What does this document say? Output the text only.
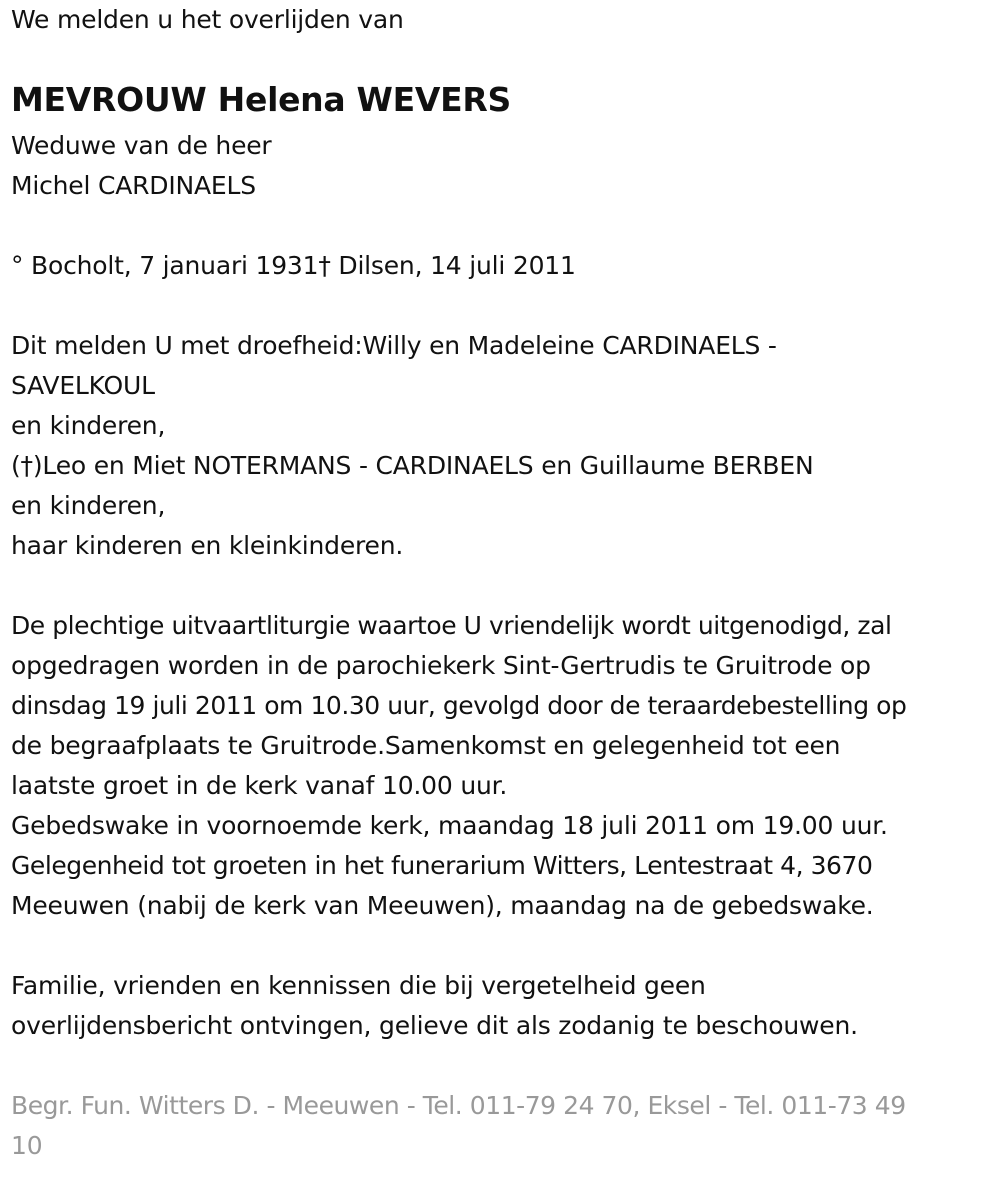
We melden u het overlijden van
MEVROUW Helena WEVERS
Weduwe van de heer
Michel CARDINAELS
° Bocholt, 7 januari 1931† Dilsen, 14 juli 2011
Dit melden U met droefheid:Willy en Madeleine CARDINAELS -
SAVELKOUL
en kinderen,
(†)Leo en Miet NOTERMANS - CARDINAELS en Guillaume BERBEN
en kinderen,
haar kinderen en kleinkinderen.
De plechtige uitvaartliturgie waartoe U vriendelijk wordt uitgenodigd, zal
opgedragen worden in de parochiekerk Sint-Gertrudis te Gruitrode op
dinsdag 19 juli 2011 om 10.30 uur, gevolgd door de teraardebestelling op
de begraafplaats te Gruitrode.Samenkomst en gelegenheid tot een
laatste groet in de kerk vanaf 10.00 uur.
Gebedswake in voornoemde kerk, maandag 18 juli 2011 om 19.00 uur.
Gelegenheid tot groeten in het funerarium Witters, Lentestraat 4, 3670
Meeuwen (nabij de kerk van Meeuwen), maandag na de gebedswake.
Familie, vrienden en kennissen die bij vergetelheid geen
overlijdensbericht ontvingen, gelieve dit als zodanig te beschouwen.
Begr. Fun. Witters D. - Meeuwen - Tel. 011-79 24 70, Eksel - Tel. 011-73 49
10
